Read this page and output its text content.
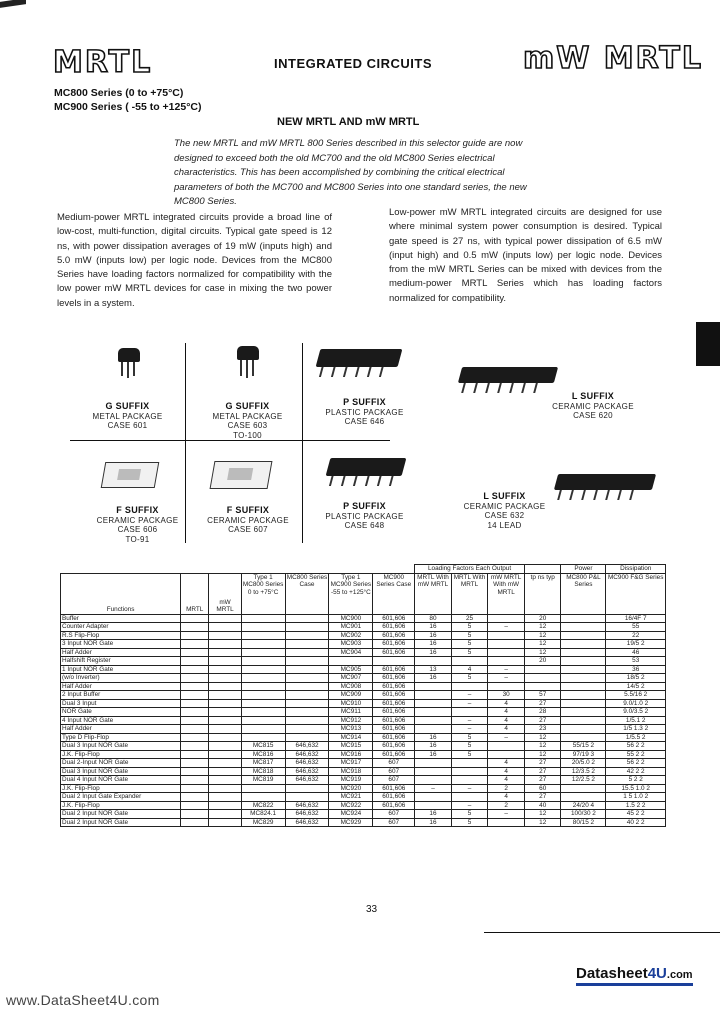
MRTL	INTEGRATED CIRCUITS	mW MRTL
MC800 Series (0 to +75°C)
MC900 Series ( -55 to +125°C)
NEW MRTL AND mW MRTL
The new MRTL and mW MRTL 800 Series described in this selector guide are now designed to exceed both the old MC700 and the old MC800 Series electrical characteristics. This has been accomplished by combining the critical electrical parameters of both the MC700 and MC800 Series into one standard series, the new MC800 Series.
Medium-power MRTL integrated circuits provide a broad line of low-cost, multi-function, digital circuits. Typical gate speed is 12 ns, with power dissipation averages of 19 mW (inputs high) and 5.0 mW (inputs low) per logic node. Devices from the MC800 Series have loading factors normalized for compatibility with the low power mW MRTL devices for case in mixing the two power levels in a system.
Low-power mW MRTL integrated circuits are designed for use where minimal system power consumption is desired. Typical gate speed is 27 ns, with typical power dissipation of 6.5 mW (input high) and 0.5 mW (inputs low) per logic node. Devices from the mW MRTL Series can be mixed with devices from the medium-power MRTL Series which has loading factors normalized for compatibility.
G SUFFIX
METAL PACKAGE
CASE 601
G SUFFIX
METAL PACKAGE
CASE 603
TO-100
P SUFFIX
PLASTIC PACKAGE
CASE 646
L SUFFIX
CERAMIC PACKAGE
CASE 620
F SUFFIX
CERAMIC PACKAGE
CASE 606
TO-91
F SUFFIX
CERAMIC PACKAGE
CASE 607
P SUFFIX
PLASTIC PACKAGE
CASE 648
L SUFFIX
CERAMIC PACKAGE
CASE 632
14 LEAD
							Loading Factors Each Output				Power	Dissipation
Functions	MRTL	mW MRTL	Type 1 MC800 Series 0 to +75°C	MC800 Series Case	Type 1 MC900 Series -55 to +125°C	MC900 Series Case	MRTL With mW MRTL	MRTL With MRTL	mW MRTL With mW MRTL	tp ns typ	MC800 P&L Series	MC900 F&G Series
Buffer					MC900	601,606	80	25		20		16/4F 7
Counter Adapter					MC901	601,606	16	5	–	12		55
R.S Flip-Flop					MC902	601,606	16	5		12		22
3 Input NOR Gate					MC903	601,606	16	5		12		19/5 2
Half Adder					MC904	601,606	16	5		12		46
Halfshift Register										20		53
1 Input NOR Gate					MC905	601,606	13	4	–			36
(w/o Inverter)					MC907	601,606	16	5	–			18/5 2
Half Adder					MC908	601,606						14/5 2
2 Input Buffer					MC909	601,606		–	30	57		5.5/16 2
Dual 3 Input					MC910	601,606		–	4	27		9.0/1.0 2
NOR Gate					MC911	601,606			4	28		9.0/3.5 2
4 Input NOR Gate					MC912	601,606		–	4	27		1/5.1 2
Half Adder					MC913	601,606		–	4	23		1/5 1.3 2
Type D Flip-Flop					MC914	601,606	16	5	–	12		1/5.5 2
Dual 3 Input NOR Gate			MC815	646,632	MC915	601,606	16	5		12	55/15 2	56 2 2
J.K. Flip-Flop			MC816	646,632	MC916	601,606	16	5		12	97/19 3	55 2 2
Dual 2-Input NOR Gate			MC817	646,632	MC917	607			4	27	20/5.0 2	56 2 2
Dual 3 Input NOR Gate			MC818	646,632	MC918	607			4	27	12/3.5 2	42 2 2
Dual 4 Input NOR Gate			MC819	646,632	MC919	607			4	27	12/2.5 2	5 2 2
J.K. Flip-Flop					MC920	601,606	–	–	2	60		15.5 1.0 2
Dual 2 Input Gate Expander					MC921	601,606			4	27		1 5 1.0 2
J.K. Flip-Flop			MC822	646,632	MC922	601,606		–	2	40	24/20 4	1.5 2 2
Dual 2 Input NOR Gate			MC824.1	646,632	MC924	607	16	5	–	12	100/30 2	45 2 2
Dual 2 Input NOR Gate			MC829	646,632	MC929	607	16	5		12	80/15 2	40 2 2
33
www.DataSheet4U.com
Datasheet4U.com
